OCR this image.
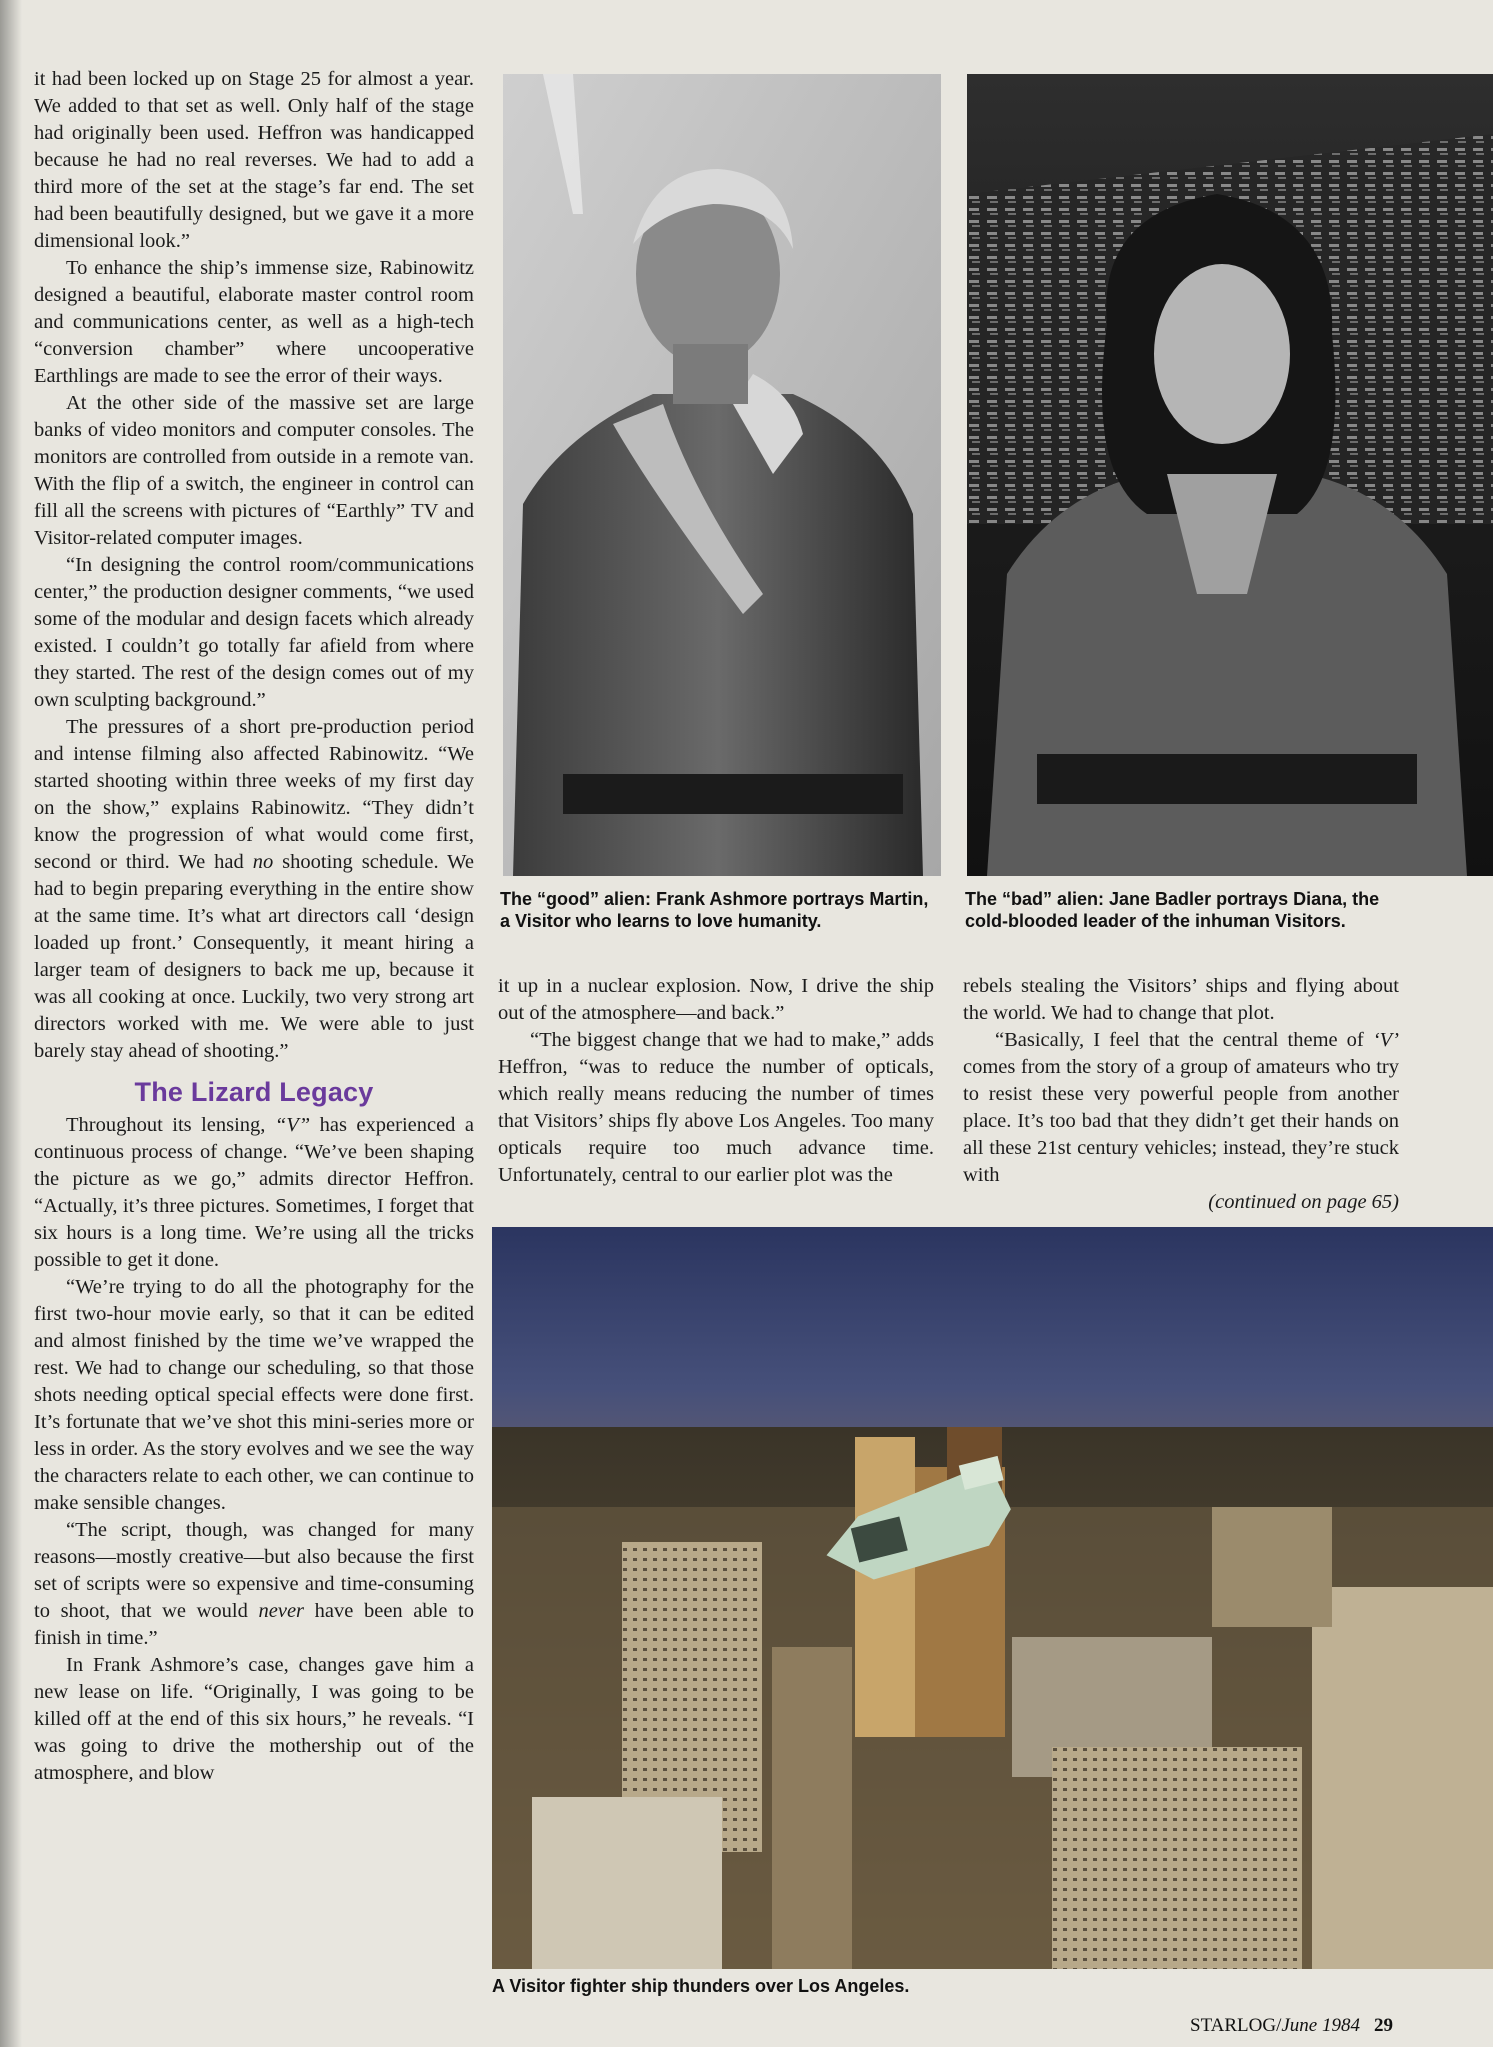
it had been locked up on Stage 25 for almost a year. We added to that set as well. Only half of the stage had originally been used. Heffron was handicapped because he had no real reverses. We had to add a third more of the set at the stage’s far end. The set had been beautifully designed, but we gave it a more dimensional look.”

To enhance the ship’s immense size, Rabinowitz designed a beautiful, elaborate master control room and communications center, as well as a high-tech “conversion chamber” where uncooperative Earthlings are made to see the error of their ways.

At the other side of the massive set are large banks of video monitors and computer consoles. The monitors are controlled from outside in a remote van. With the flip of a switch, the engineer in control can fill all the screens with pictures of “Earthly” TV and Visitor-related computer images.

“In designing the control room/communications center,” the production designer comments, “we used some of the modular and design facets which already existed. I couldn’t go totally far afield from where they started. The rest of the design comes out of my own sculpting background.”

The pressures of a short pre-production period and intense filming also affected Rabinowitz. “We started shooting within three weeks of my first day on the show,” explains Rabinowitz. “They didn’t know the progression of what would come first, second or third. We had no shooting schedule. We had to begin preparing everything in the entire show at the same time. It’s what art directors call ‘design loaded up front.’ Consequently, it meant hiring a larger team of designers to back me up, because it was all cooking at once. Luckily, two very strong art directors worked with me. We were able to just barely stay ahead of shooting.”

The Lizard Legacy

Throughout its lensing, “V” has experienced a continuous process of change. “We’ve been shaping the picture as we go,” admits director Heffron. “Actually, it’s three pictures. Sometimes, I forget that six hours is a long time. We’re using all the tricks possible to get it done.

“We’re trying to do all the photography for the first two-hour movie early, so that it can be edited and almost finished by the time we’ve wrapped the rest. We had to change our scheduling, so that those shots needing optical special effects were done first. It’s fortunate that we’ve shot this mini-series more or less in order. As the story evolves and we see the way the characters relate to each other, we can continue to make sensible changes.

“The script, though, was changed for many reasons—mostly creative—but also because the first set of scripts were so expensive and time-consuming to shoot, that we would never have been able to finish in time.”

In Frank Ashmore’s case, changes gave him a new lease on life. “Originally, I was going to be killed off at the end of this six hours,” he reveals. “I was going to drive the mothership out of the atmosphere, and blow

The “good” alien: Frank Ashmore portrays Martin, a Visitor who learns to love humanity.
The “bad” alien: Jane Badler portrays Diana, the cold-blooded leader of the inhuman Visitors.

it up in a nuclear explosion. Now, I drive the ship out of the atmosphere—and back.”

“The biggest change that we had to make,” adds Heffron, “was to reduce the number of opticals, which really means reducing the number of times that Visitors’ ships fly above Los Angeles. Too many opticals require too much advance time. Unfortunately, central to our earlier plot was the

rebels stealing the Visitors’ ships and flying about the world. We had to change that plot.

“Basically, I feel that the central theme of ‘V’ comes from the story of a group of amateurs who try to resist these very powerful people from another place. It’s too bad that they didn’t get their hands on all these 21st century vehicles; instead, they’re stuck with

(continued on page 65)
A Visitor fighter ship thunders over Los Angeles.
STARLOG/June 1984 29
